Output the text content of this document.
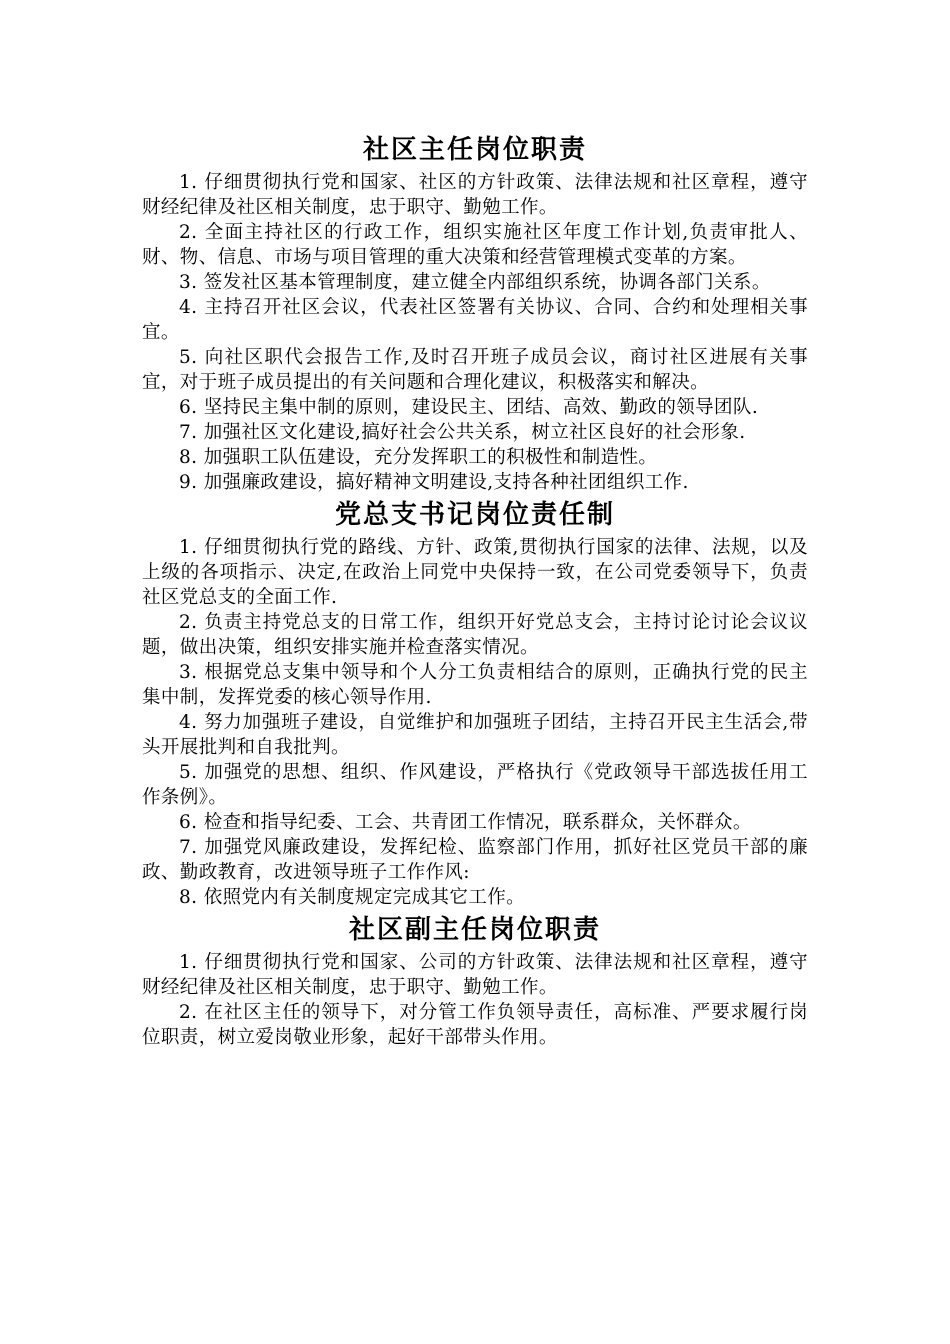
社区主任岗位职责

1. 仔细贯彻执行党和国家、社区的方针政策、法律法规和社区章程，遵守财经纪律及社区相关制度，忠于职守、勤勉工作。

2. 全面主持社区的行政工作，组织实施社区年度工作计划,负责审批人、财、物、信息、市场与项目管理的重大决策和经营管理模式变革的方案。

3. 签发社区基本管理制度，建立健全内部组织系统，协调各部门关系。

4. 主持召开社区会议，代表社区签署有关协议、合同、合约和处理相关事宜。

5. 向社区职代会报告工作,及时召开班子成员会议，商讨社区进展有关事宜，对于班子成员提出的有关问题和合理化建议，积极落实和解决。

6. 坚持民主集中制的原则，建设民主、团结、高效、勤政的领导团队.

7. 加强社区文化建设,搞好社会公共关系，树立社区良好的社会形象.

8. 加强职工队伍建设，充分发挥职工的积极性和制造性。

9. 加强廉政建设，搞好精神文明建设,支持各种社团组织工作.

党总支书记岗位责任制

1. 仔细贯彻执行党的路线、方针、政策,贯彻执行国家的法律、法规，以及上级的各项指示、决定,在政治上同党中央保持一致，在公司党委领导下，负责社区党总支的全面工作.

2. 负责主持党总支的日常工作，组织开好党总支会，主持讨论讨论会议议题，做出决策，组织安排实施并检查落实情况。

3. 根据党总支集中领导和个人分工负责相结合的原则，正确执行党的民主集中制，发挥党委的核心领导作用.

4. 努力加强班子建设，自觉维护和加强班子团结，主持召开民主生活会,带头开展批判和自我批判。

5. 加强党的思想、组织、作风建设，严格执行《党政领导干部选拔任用工作条例》。

6. 检查和指导纪委、工会、共青团工作情况，联系群众，关怀群众。

7. 加强党风廉政建设，发挥纪检、监察部门作用，抓好社区党员干部的廉政、勤政教育，改进领导班子工作作风:

8. 依照党内有关制度规定完成其它工作。

社区副主任岗位职责

1. 仔细贯彻执行党和国家、公司的方针政策、法律法规和社区章程，遵守财经纪律及社区相关制度，忠于职守、勤勉工作。

2. 在社区主任的领导下，对分管工作负领导责任，高标准、严要求履行岗位职责，树立爱岗敬业形象，起好干部带头作用。
